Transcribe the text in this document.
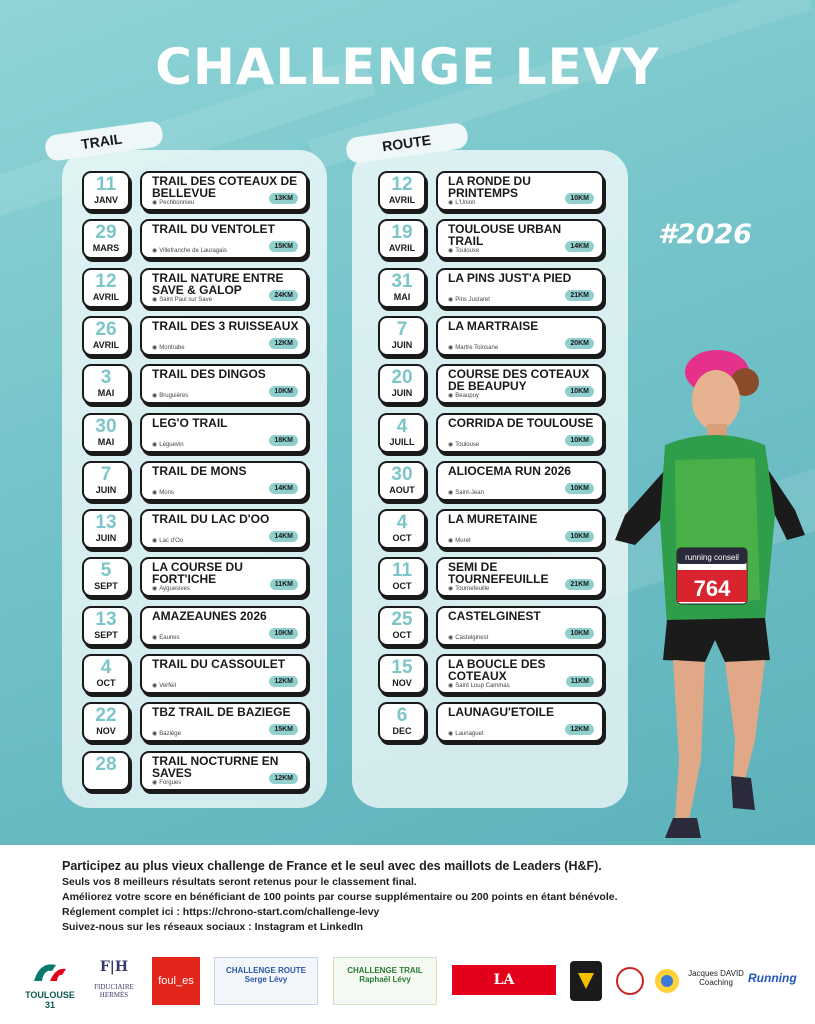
CHALLENGE LEVY
#2026
TRAIL	ROUTE
11
JANV
TRAIL DES COTEAUX DE BELLEVUE
◉ Pechbonnieu
13KM
29
MARS
TRAIL DU VENTOLET
◉ Villefranche de Lauragais
15KM
12
AVRIL
TRAIL NATURE ENTRE SAVE & GALOP
◉ Saint Paul sur Save
24KM
26
AVRIL
TRAIL DES 3 RUISSEAUX
◉ Montrabe
12KM
3
MAI
TRAIL DES DINGOS
◉ Bruguières
10KM
30
MAI
LEG'O TRAIL
◉ Léguevin
18KM
7
JUIN
TRAIL DE MONS
◉ Mons
14KM
13
JUIN
TRAIL DU LAC D'OO
◉ Lac d'Oo
14KM
5
SEPT
LA COURSE DU FORT'ICHE
◉ Ayguesives
11KM
13
SEPT
AMAZEAUNES 2026
◉ Eaunes
10KM
4
OCT
TRAIL DU CASSOULET
◉ Verfeil
12KM
22
NOV
TBZ TRAIL DE BAZIEGE
◉ Baziège
15KM
28	TRAIL NOCTURNE EN SAVES
◉ Forgues
12KM
12
AVRIL
LA RONDE DU PRINTEMPS
◉ L'Union
10KM
19
AVRIL
TOULOUSE URBAN TRAIL
◉ Toulouse
14KM
31
MAI
LA PINS JUST'A PIED
◉ Pins Justaret
21KM
7
JUIN
LA MARTRAISE
◉ Martre Tolosane
20KM
20
JUIN
COURSE DES COTEAUX DE BEAUPUY
◉ Beaupuy
10KM
4
JUILL
CORRIDA DE TOULOUSE
◉ Toulouse
10KM
30
AOUT
ALIOCEMA RUN 2026
◉ Saint-Jean
10KM
4
OCT
LA MURETAINE
◉ Muret
10KM
11
OCT
SEMI DE TOURNEFEUILLE
◉ Tournefeuille
21KM
25
OCT
CASTELGINEST
◉ Castelginest
10KM
15
NOV
LA BOUCLE DES COTEAUX
◉ Saint Loup Cammas
11KM
6
DEC
LAUNAGU'ETOILE
◉ Launaguet
12KM
running conseil
764
Participez au plus vieux challenge de France et le seul avec des maillots de Leaders (H&F).
Seuls vos 8 meilleurs résultats seront retenus pour le classement final.
Améliorez votre score en bénéficiant de 100 points par course supplémentaire ou 200 points en étant bénévole.
Réglement complet ici : https://chrono-start.com/challenge-levy
Suivez-nous sur les réseaux sociaux : Instagram et LinkedIn
TOULOUSE 31
F|H
FIDUCIAIRE HERMÈS
foul_es
CHALLENGE ROUTE Serge Lévy
CHALLENGE TRAIL Raphaël Lévy	LA DÉPÊCHE
Jacques DAVID
Coaching	Running
